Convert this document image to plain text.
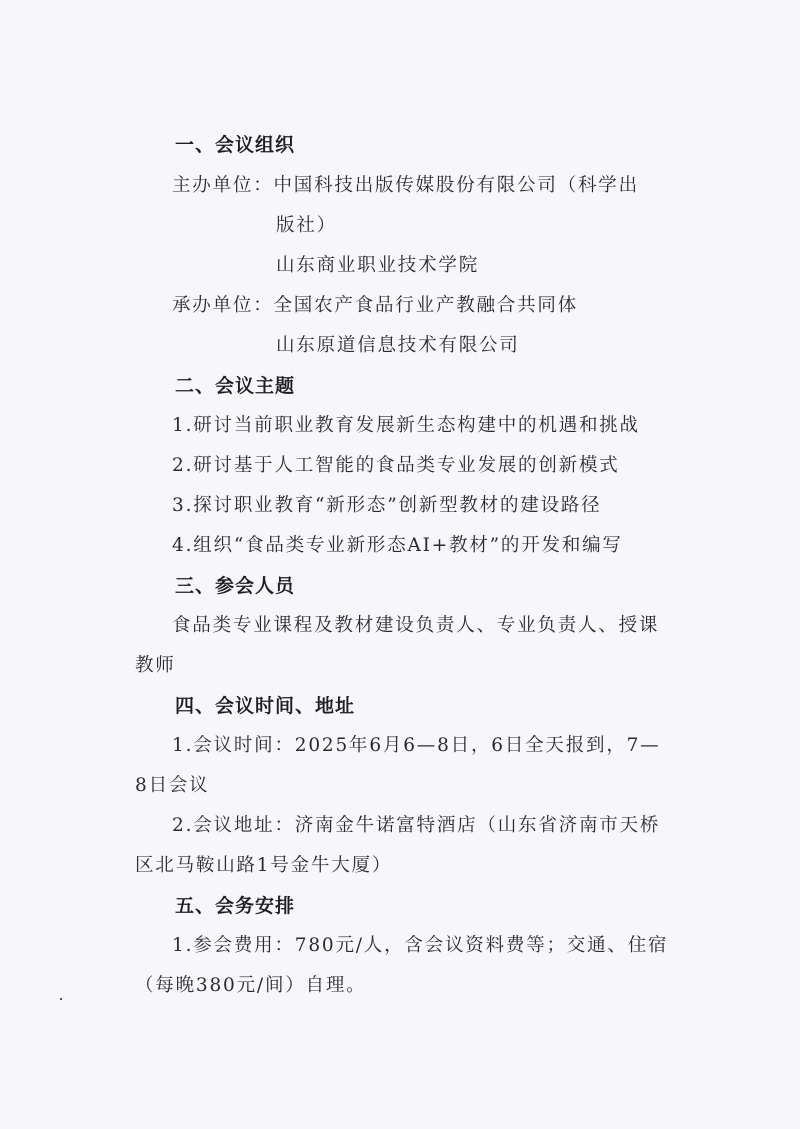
一、会议组织
主办单位：中国科技出版传媒股份有限公司（科学出
版社）
山东商业职业技术学院
承办单位：全国农产食品行业产教融合共同体
山东原道信息技术有限公司
二、会议主题
1.研讨当前职业教育发展新生态构建中的机遇和挑战
2.研讨基于人工智能的食品类专业发展的创新模式
3.探讨职业教育“新形态”创新型教材的建设路径
4.组织“食品类专业新形态AI+教材”的开发和编写
三、参会人员
食品类专业课程及教材建设负责人、专业负责人、授课
教师
四、会议时间、地址
1.会议时间：2025年6月6—8日，6日全天报到，7—
8日会议
2.会议地址：济南金牛诺富特酒店（山东省济南市天桥
区北马鞍山路1号金牛大厦）
五、会务安排
1.参会费用：780元/人，含会议资料费等；交通、住宿
（每晚380元/间）自理。
